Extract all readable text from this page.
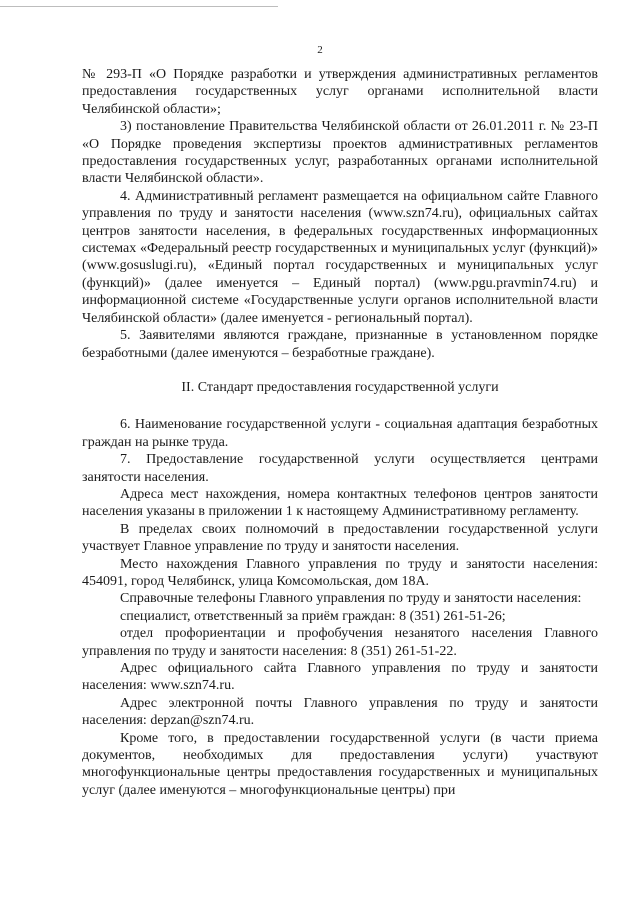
2

№ 293-П «О Порядке разработки и утверждения административных регламентов предоставления государственных услуг органами исполнительной власти Челябинской области»;

3) постановление Правительства Челябинской области от 26.01.2011 г. № 23-П «О Порядке проведения экспертизы проектов административных регламентов предоставления государственных услуг, разработанных органами исполнительной власти Челябинской области».

4. Административный регламент размещается на официальном сайте Главного управления по труду и занятости населения (www.szn74.ru), официальных сайтах центров занятости населения, в федеральных государственных информационных системах «Федеральный реестр государственных и муниципальных услуг (функций)» (www.gosuslugi.ru), «Единый портал государственных и муниципальных услуг (функций)» (далее именуется – Единый портал) (www.pgu.pravmin74.ru) и информационной системе «Государственные услуги органов исполнительной власти Челябинской области» (далее именуется - региональный портал).

5. Заявителями являются граждане, признанные в установленном порядке безработными (далее именуются – безработные граждане).

II. Стандарт предоставления государственной услуги

6. Наименование государственной услуги - социальная адаптация безработных граждан на рынке труда.

7. Предоставление государственной услуги осуществляется центрами занятости населения.

Адреса мест нахождения, номера контактных телефонов центров занятости населения указаны в приложении 1 к настоящему Административному регламенту.

В пределах своих полномочий в предоставлении государственной услуги участвует Главное управление по труду и занятости населения.

Место нахождения Главного управления по труду и занятости населения: 454091, город Челябинск, улица Комсомольская, дом 18А.

Справочные телефоны Главного управления по труду и занятости населения:

специалист, ответственный за приём граждан: 8 (351) 261-51-26;

отдел профориентации и профобучения незанятого населения Главного управления по труду и занятости населения: 8 (351) 261-51-22.

Адрес официального сайта Главного управления по труду и занятости населения: www.szn74.ru.

Адрес электронной почты Главного управления по труду и занятости населения: depzan@szn74.ru.

Кроме того, в предоставлении государственной услуги (в части приема документов, необходимых для предоставления услуги) участвуют многофункциональные центры предоставления государственных и муниципальных услуг (далее именуются – многофункциональные центры) при
